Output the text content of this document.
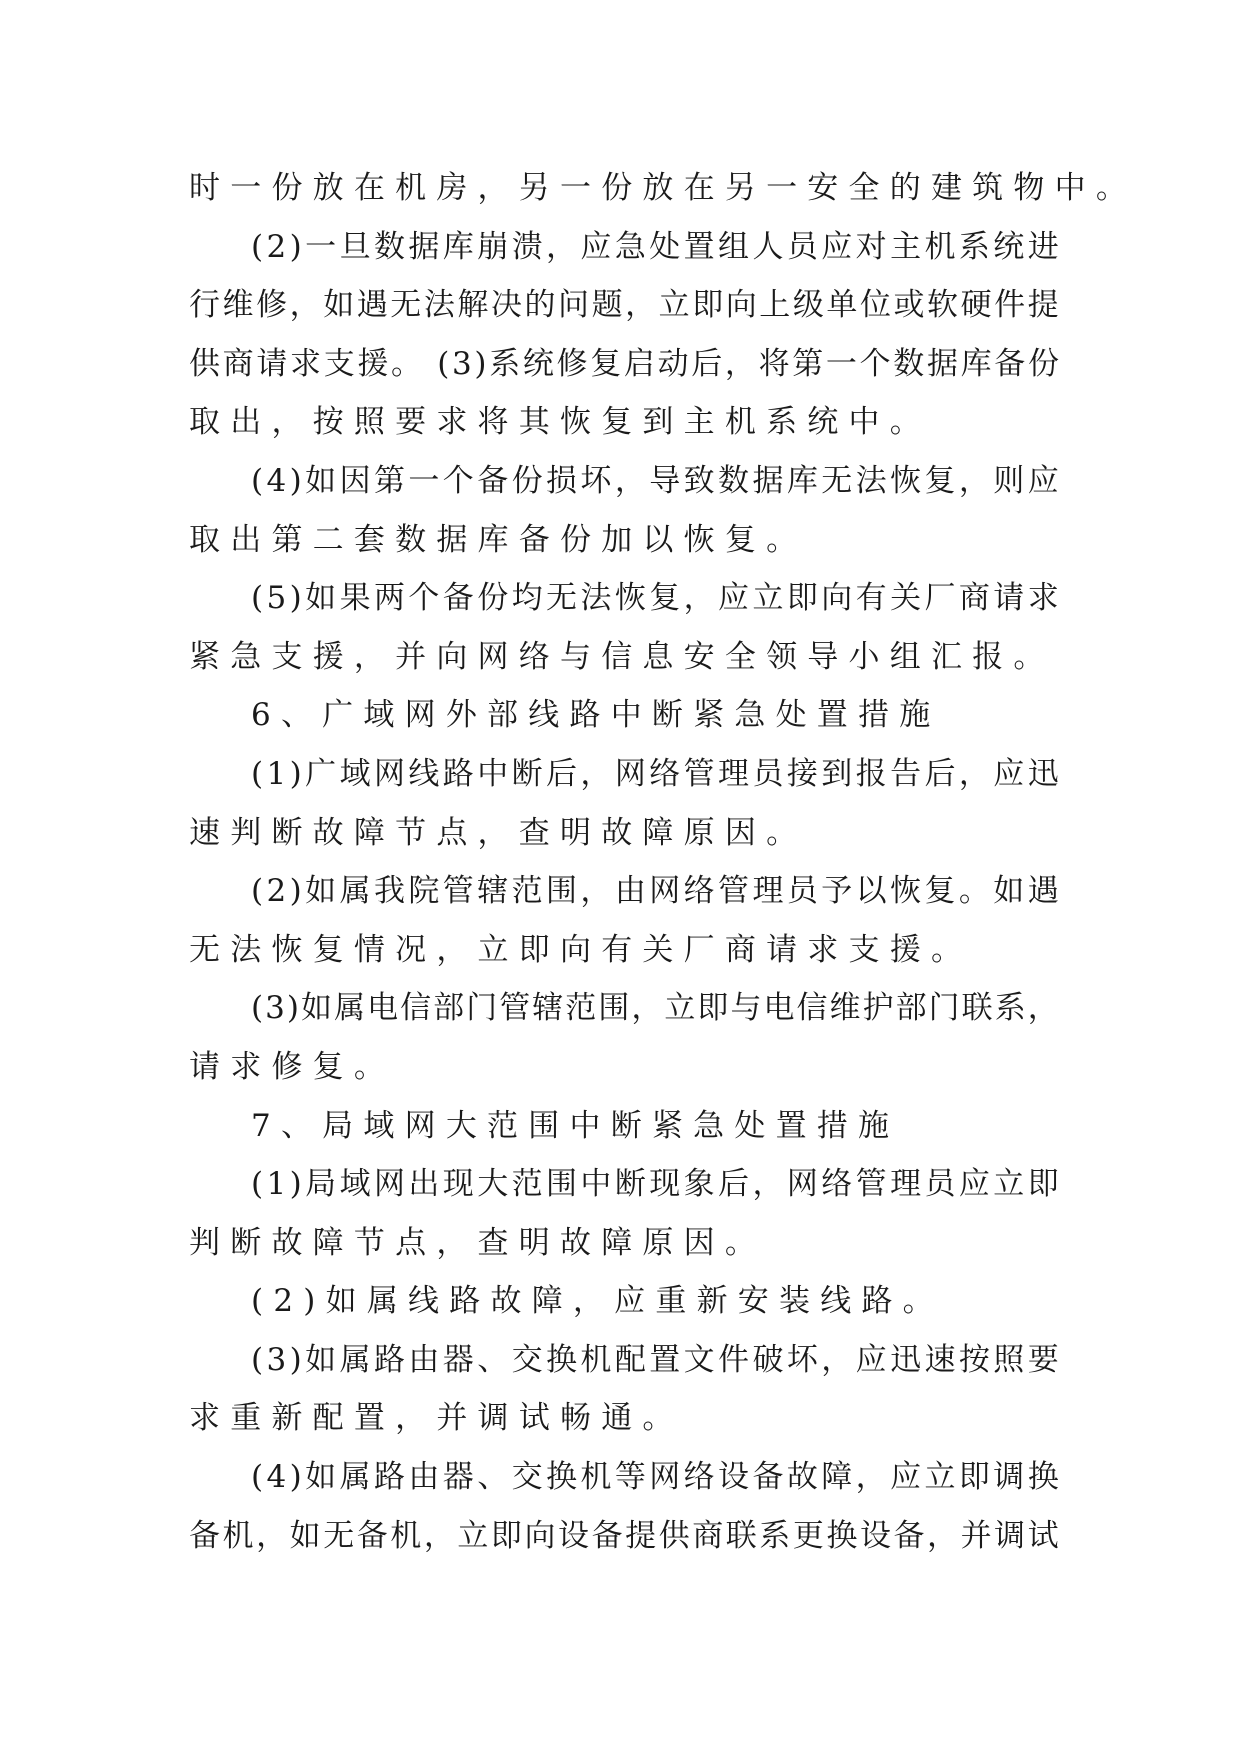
时 一 份 放 在 机 房 ， 另 一 份 放 在 另 一 安 全 的 建 筑 物 中 。
( 2 ) 一 旦 数 据 库 崩 溃 ， 应 急 处 置 组 人 员 应 对 主 机 系 统 进
行 维 修 ， 如 遇 无 法 解 决 的 问 题 ， 立 即 向 上 级 单 位 或 软 硬 件 提
供 商 请 求 支 援 。
( 3 ) 系 统 修 复 启 动 后 ， 将 第 一 个 数 据 库 备 份
取 出 ， 按 照 要 求 将 其 恢 复 到 主 机 系 统 中 。
( 4 ) 如 因 第 一 个 备 份 损 坏 ， 导 致 数 据 库 无 法 恢 复 ， 则 应
取 出 第 二 套 数 据 库 备 份 加 以 恢 复 。
( 5 ) 如 果 两 个 备 份 均 无 法 恢 复 ， 应 立 即 向 有 关 厂 商 请 求
紧 急 支 援 ， 并 向 网 络 与 信 息 安 全 领 导 小 组 汇 报 。
6 、 广 域 网 外 部 线 路 中 断 紧 急 处 置 措 施
( 1 ) 广 域 网 线 路 中 断 后 ， 网 络 管 理 员 接 到 报 告 后 ， 应 迅
速 判 断 故 障 节 点 ， 查 明 故 障 原 因 。
( 2 ) 如 属 我 院 管 辖 范 围 ， 由 网 络 管 理 员 予 以 恢 复 。 如 遇
无 法 恢 复 情 况 ， 立 即 向 有 关 厂 商 请 求 支 援 。
( 3 ) 如 属 电 信 部 门 管 辖 范 围 ， 立 即 与 电 信 维 护 部 门 联 系 ，
请 求 修 复 。
7 、 局 域 网 大 范 围 中 断 紧 急 处 置 措 施
( 1 ) 局 域 网 出 现 大 范 围 中 断 现 象 后 ， 网 络 管 理 员 应 立 即
判 断 故 障 节 点 ， 查 明 故 障 原 因 。
( 2 ) 如 属 线 路 故 障 ， 应 重 新 安 装 线 路 。
( 3 ) 如 属 路 由 器 、 交 换 机 配 置 文 件 破 坏 ， 应 迅 速 按 照 要
求 重 新 配 置 ， 并 调 试 畅 通 。
( 4 ) 如 属 路 由 器 、 交 换 机 等 网 络 设 备 故 障 ， 应 立 即 调 换
备 机 ， 如 无 备 机 ， 立 即 向 设 备 提 供 商 联 系 更 换 设 备 ， 并 调 试
